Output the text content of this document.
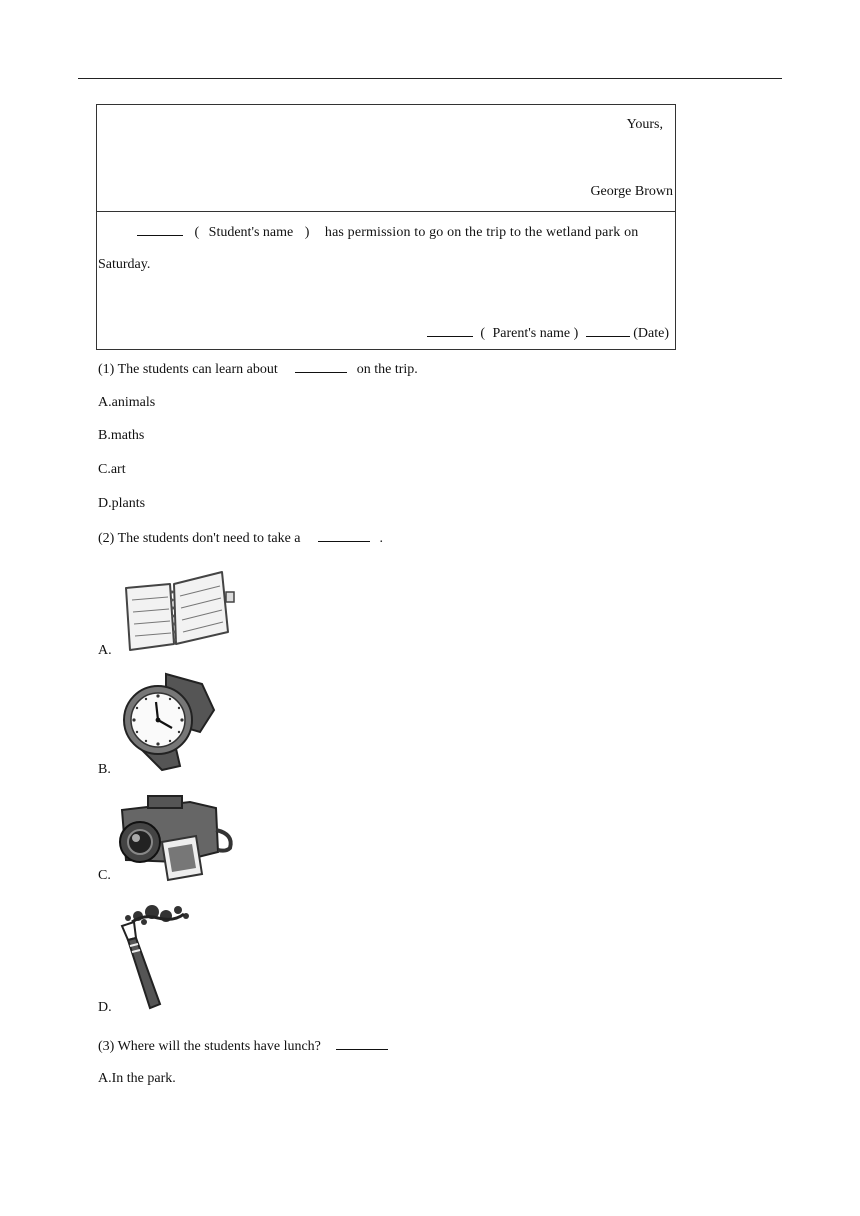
Yours,
George Brown
( Student's name ) has permission to go on the trip to the wetland park on
Saturday.
( Parent's name )	(Date)
(1) The students can learn about	on the trip.
A.animals
B.maths
C.art
D.plants
(2) The students don't need to take a	.
A.
B.
C.
D.
(3) Where will the students have lunch?
A.In the park.
